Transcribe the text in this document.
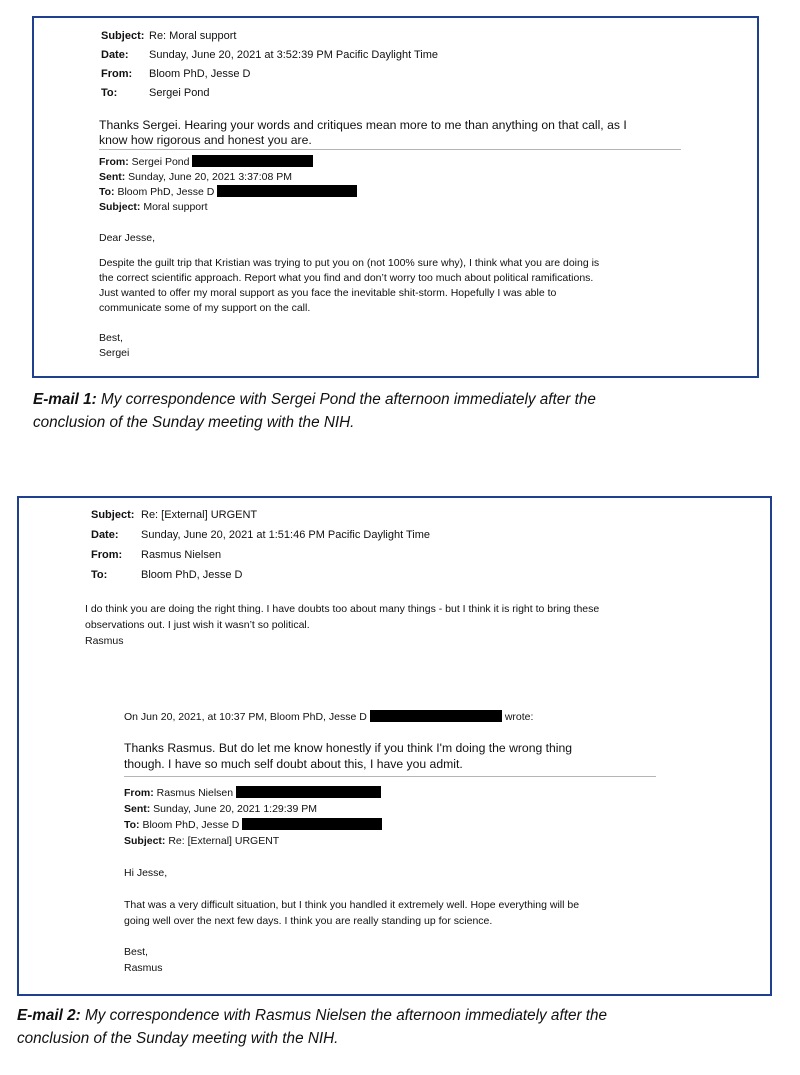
Subject: Re: Moral support
Date:	Sunday, June 20, 2021 at 3:52:39 PM Pacific Daylight Time
From:	Bloom PhD, Jesse D
To:	Sergei Pond
Thanks Sergei. Hearing your words and critiques mean more to me than anything on that call, as I
know how rigorous and honest you are.
From: Sergei Pond
Sent: Sunday, June 20, 2021 3:37:08 PM
To: Bloom PhD, Jesse D
Subject: Moral support
Dear Jesse,
Despite the guilt trip that Kristian was trying to put you on (not 100% sure why), I think what you are doing is
the correct scientific approach. Report what you find and don’t worry too much about political ramifications.
Just wanted to offer my moral support as you face the inevitable shit-storm. Hopefully I was able to
communicate some of my support on the call.
Best,
Sergei
E-mail 1: My correspondence with Sergei Pond the afternoon immediately after the
conclusion of the Sunday meeting with the NIH.
Subject: Re: [External] URGENT
Date:	Sunday, June 20, 2021 at 1:51:46 PM Pacific Daylight Time
From:	Rasmus Nielsen
To:	Bloom PhD, Jesse D
I do think you are doing the right thing. I have doubts too about many things - but I think it is right to bring these
observations out. I just wish it wasn’t so political.
Rasmus
On Jun 20, 2021, at 10:37 PM, Bloom PhD, Jesse D	wrote:
Thanks Rasmus. But do let me know honestly if you think I'm doing the wrong thing
though. I have so much self doubt about this, I have you admit.
From: Rasmus Nielsen
Sent: Sunday, June 20, 2021 1:29:39 PM
To: Bloom PhD, Jesse D
Subject: Re: [External] URGENT
Hi Jesse,
That was a very difficult situation, but I think you handled it extremely well. Hope everything will be
going well over the next few days. I think you are really standing up for science.
Best,
Rasmus
E-mail 2: My correspondence with Rasmus Nielsen the afternoon immediately after the
conclusion of the Sunday meeting with the NIH.
